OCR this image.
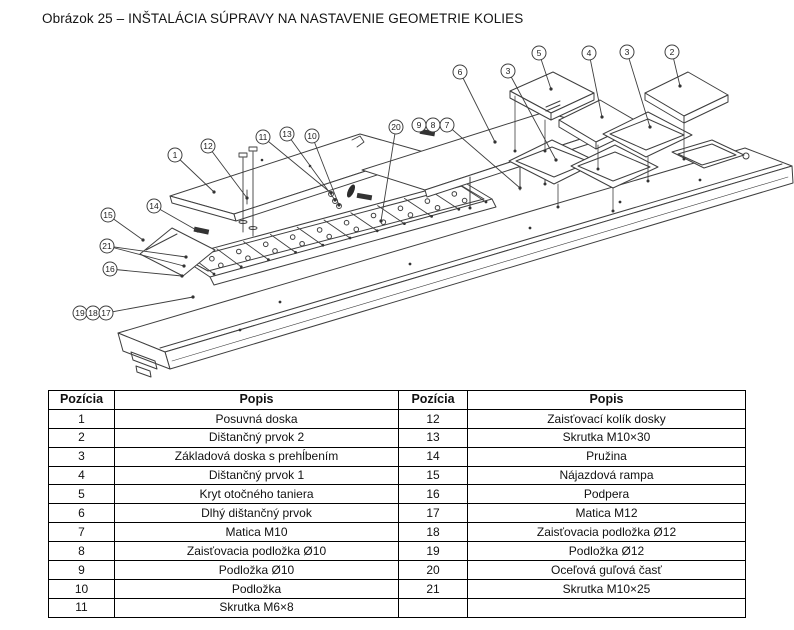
Obrázok 25 – INŠTALÁCIA SÚPRAVY NA NASTAVENIE GEOMETRIE KOLIES
1
12
11 13 10
20 9 8 7
6	3
5	4	3	2
15
14
21
16
19 18 17
Pozícia	Popis	Pozícia	Popis
1	Posuvná doska	12	Zaisťovací kolík dosky
2	Dištančný prvok 2	13	Skrutka M10×30
3	Základová doska s prehĺbením	14	Pružina
4	Dištančný prvok 1	15	Nájazdová rampa
5	Kryt otočného taniera	16	Podpera
6	Dlhý dištančný prvok	17	Matica M12
7	Matica M10	18	Zaisťovacia podložka Ø12
8	Zaisťovacia podložka Ø10	19	Podložka Ø12
9	Podložka Ø10	20	Oceľová guľová časť
10	Podložka	21	Skrutka M10×25
11	Skrutka M6×8		
